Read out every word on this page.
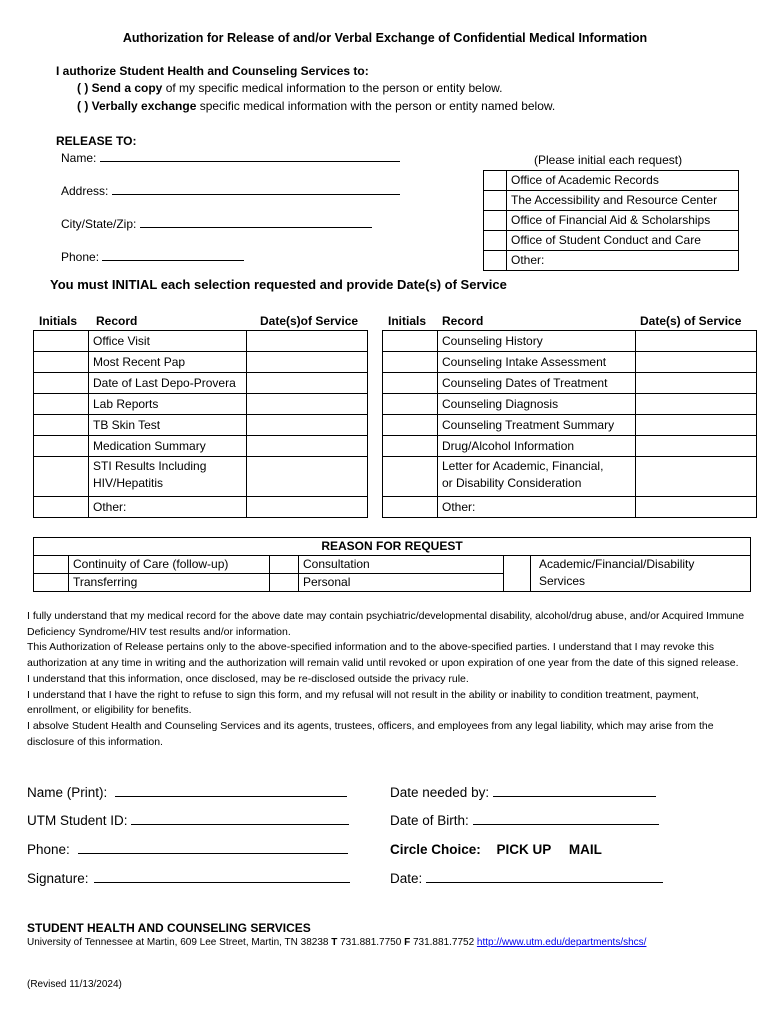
Authorization for Release of and/or Verbal Exchange of Confidential Medical Information
I authorize Student Health and Counseling Services to:
( ) Send a copy of my specific medical information to the person or entity below.
( ) Verbally exchange specific medical information with the person or entity named below.
RELEASE TO:
Name:
Address:
City/State/Zip:
Phone:
(Please initial each request)
	Office of Academic Records
	The Accessibility and Resource Center
	Office of Financial Aid & Scholarships
	Office of Student Conduct and Care
	Other:
You must INITIAL each selection requested and provide Date(s) of Service
Initials Record	Date(s)of Service
	Office Visit	
	Most Recent Pap	
	Date of Last Depo-Provera	
	Lab Reports	
	TB Skin Test	
	Medication Summary	
	STI Results Including
HIV/Hepatitis	
	Other:	
Initials Record	Date(s) of Service
	Counseling History	
	Counseling Intake Assessment	
	Counseling Dates of Treatment	
	Counseling Diagnosis	
	Counseling Treatment Summary	
	Drug/Alcohol Information	
	Letter for Academic, Financial,
or Disability Consideration	
	Other:	
REASON FOR REQUEST					
	Continuity of Care (follow-up)		Consultation		Academic/Financial/Disability
Services
	Transferring		Personal		
I fully understand that my medical record for the above date may contain psychiatric/developmental disability, alcohol/drug abuse, and/or Acquired Immune Deficiency Syndrome/HIV test results and/or information.
This Authorization of Release pertains only to the above-specified information and to the above-specified parties. I understand that I may revoke this authorization at any time in writing and the authorization will remain valid until revoked or upon expiration of one year from the date of this signed release.
I understand that this information, once disclosed, may be re-disclosed outside the privacy rule.
I understand that I have the right to refuse to sign this form, and my refusal will not result in the ability or inability to condition treatment, payment, enrollment, or eligibility for benefits.
I absolve Student Health and Counseling Services and its agents, trustees, officers, and employees from any legal liability, which may arise from the disclosure of this information.
Name (Print):
UTM Student ID:
Phone:
Signature:
Date needed by:
Date of Birth:
Circle Choice: PICK UP MAIL
Date:
STUDENT HEALTH AND COUNSELING SERVICES
University of Tennessee at Martin, 609 Lee Street, Martin, TN 38238 T 731.881.7750 F 731.881.7752 http://www.utm.edu/departments/shcs/
(Revised 11/13/2024)
